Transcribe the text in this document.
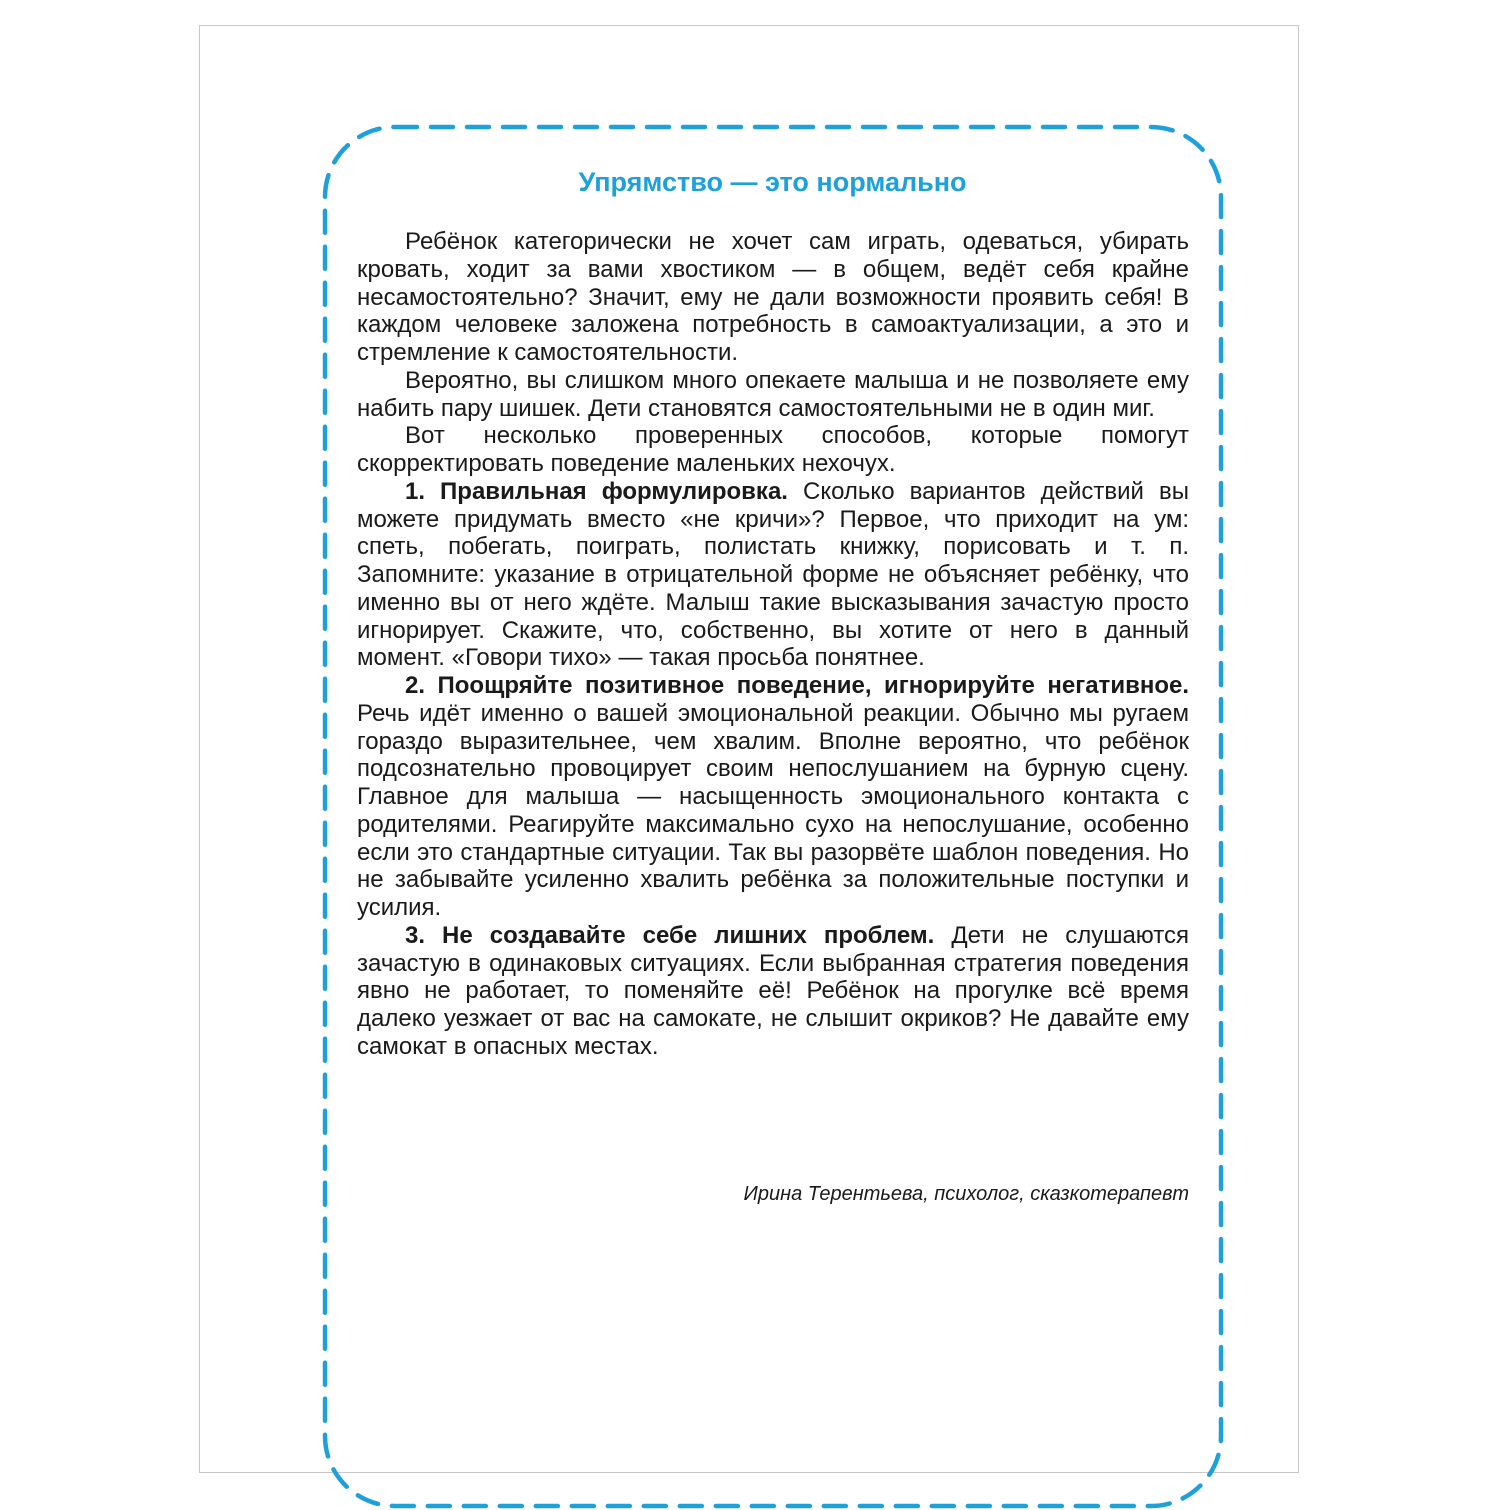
Упрямство — это нормально

Ребёнок категорически не хочет сам играть, одеваться, убирать кровать, ходит за вами хвостиком — в общем, ведёт себя крайне несамостоятельно? Значит, ему не дали возможности проявить себя! В каждом человеке заложена потребность в самоактуализации, а это и стремление к самостоятельности.

Вероятно, вы слишком много опекаете малыша и не позволяете ему набить пару шишек. Дети становятся самостоятельными не в один миг.

Вот несколько проверенных способов, которые помогут скорректировать поведение маленьких нехочух.

1. Правильная формулировка. Сколько вариантов действий вы можете придумать вместо «не кричи»? Первое, что приходит на ум: спеть, побегать, поиграть, полистать книжку, порисовать и т. п. Запомните: указание в отрицательной форме не объясняет ребёнку, что именно вы от него ждёте. Малыш такие высказывания зачастую просто игнорирует. Скажите, что, собственно, вы хотите от него в данный момент. «Говори тихо» — такая просьба понятнее.

2. Поощряйте позитивное поведение, игнорируйте негативное. Речь идёт именно о вашей эмоциональной реакции. Обычно мы ругаем гораздо выразительнее, чем хвалим. Вполне вероятно, что ребёнок подсознательно провоцирует своим непослушанием на бурную сцену. Главное для малыша — насыщенность эмоционального контакта с родителями. Реагируйте максимально сухо на непослушание, особенно если это стандартные ситуации. Так вы разорвёте шаблон поведения. Но не забывайте усиленно хвалить ребёнка за положительные поступки и усилия.

3. Не создавайте себе лишних проблем. Дети не слушаются зачастую в одинаковых ситуациях. Если выбранная стратегия поведения явно не работает, то поменяйте её! Ребёнок на прогулке всё время далеко уезжает от вас на самокате, не слышит окриков? Не давайте ему самокат в опасных местах.

Ирина Терентьева, психолог, сказкотерапевт
